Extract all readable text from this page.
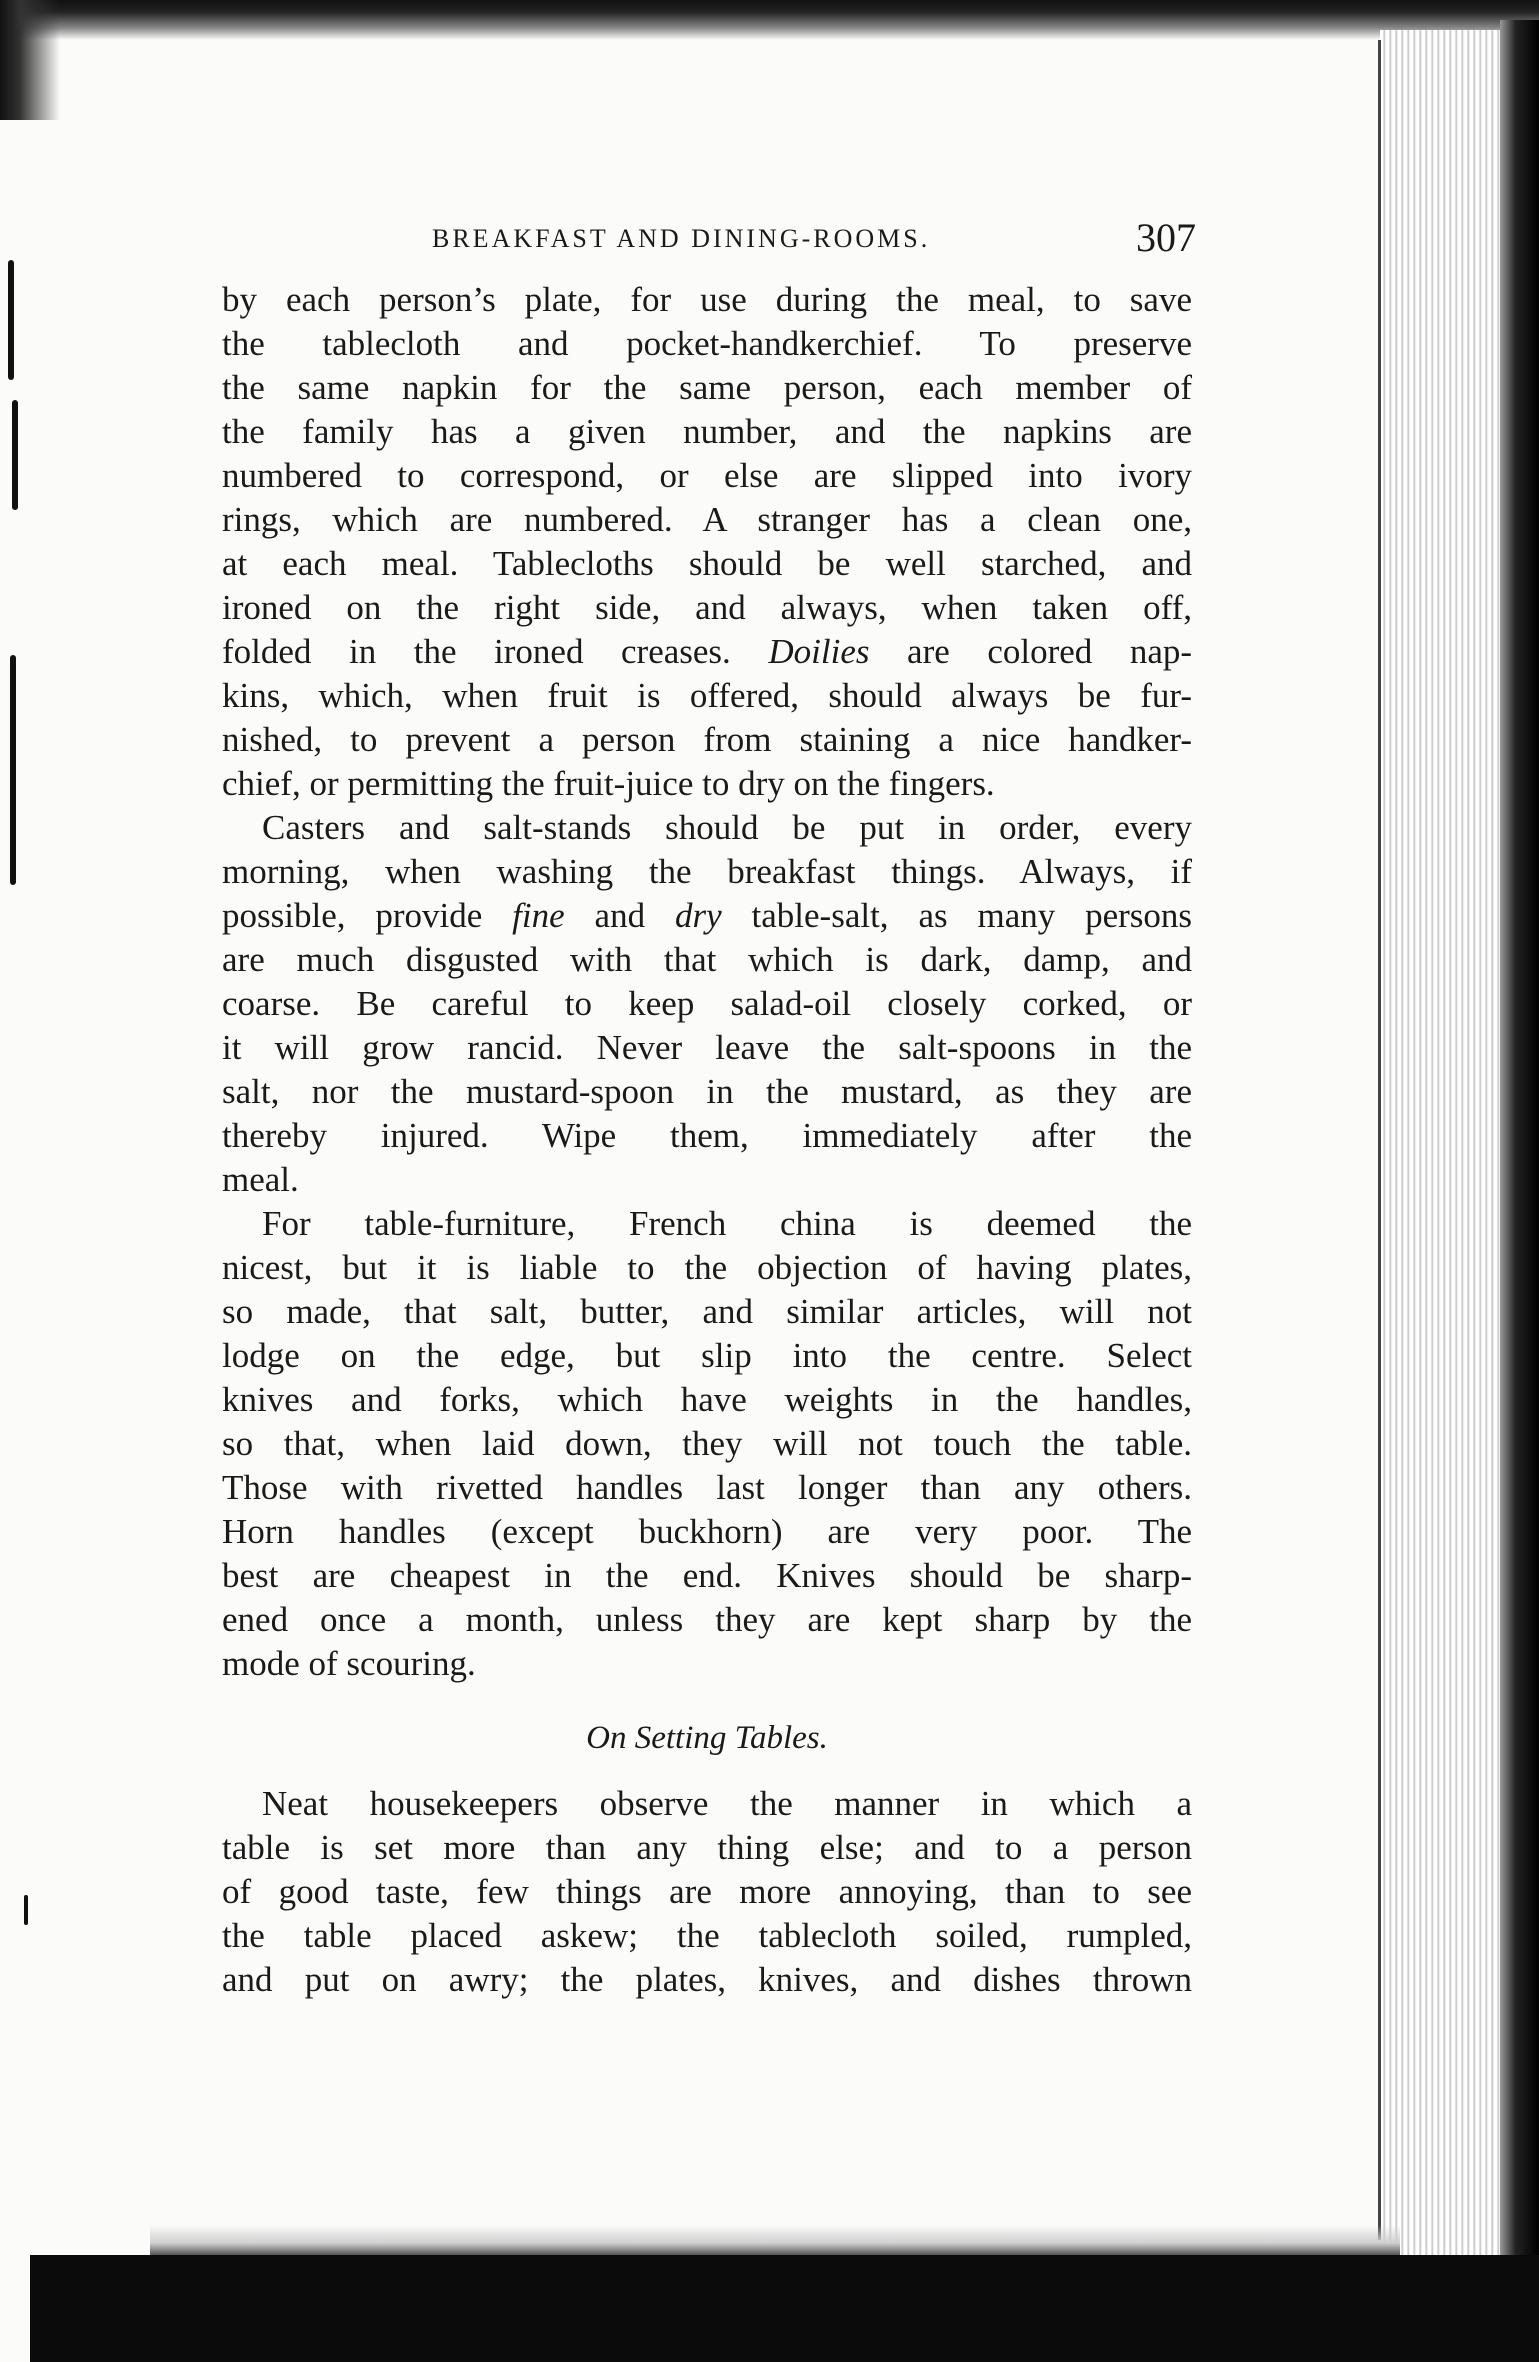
BREAKFAST AND DINING-ROOMS.	307
by each person’s plate, for use during the meal, to save
the tablecloth and pocket-handkerchief. To preserve
the same napkin for the same person, each member of
the family has a given number, and the napkins are
numbered to correspond, or else are slipped into ivory
rings, which are numbered. A stranger has a clean one,
at each meal. Tablecloths should be well starched, and
ironed on the right side, and always, when taken off,
folded in the ironed creases. Doilies are colored nap-
kins, which, when fruit is offered, should always be fur-
nished, to prevent a person from staining a nice handker-
chief, or permitting the fruit-juice to dry on the fingers.
Casters and salt-stands should be put in order, every
morning, when washing the breakfast things. Always, if
possible, provide fine and dry table-salt, as many persons
are much disgusted with that which is dark, damp, and
coarse. Be careful to keep salad-oil closely corked, or
it will grow rancid. Never leave the salt-spoons in the
salt, nor the mustard-spoon in the mustard, as they are
thereby injured. Wipe them, immediately after the
meal.
For table-furniture, French china is deemed the
nicest, but it is liable to the objection of having plates,
so made, that salt, butter, and similar articles, will not
lodge on the edge, but slip into the centre. Select
knives and forks, which have weights in the handles,
so that, when laid down, they will not touch the table.
Those with rivetted handles last longer than any others.
Horn handles (except buckhorn) are very poor. The
best are cheapest in the end. Knives should be sharp-
ened once a month, unless they are kept sharp by the
mode of scouring.
On Setting Tables.
Neat housekeepers observe the manner in which a
table is set more than any thing else; and to a person
of good taste, few things are more annoying, than to see
the table placed askew; the tablecloth soiled, rumpled,
and put on awry; the plates, knives, and dishes thrown
